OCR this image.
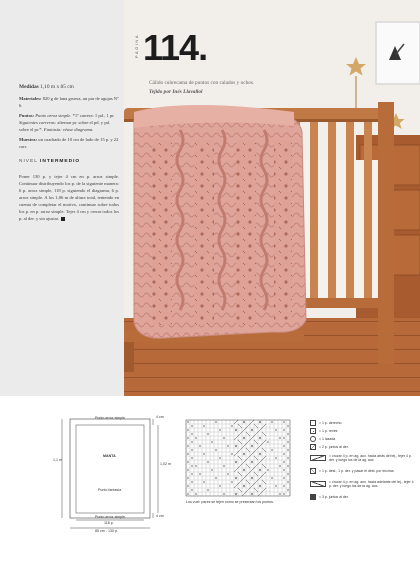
Medidas 1,10 m x 85 cm

Materiales: 820 g de lana gruesa, un par de agujas Nº 6.

Puntos: Punto arroz simple. *1º carrera: 1 pd., 1 pr. Siguientes carreras: alternar pr. sobre el pd. y pd. sobre el pr.*. Fantasía: véase diagrama.

Muestra: un cuadrado de 10 cm de lado de 15 p. y 22 carr.

NIVEL INTERMEDIO

Poner 130 p. y tejer 4 cm en p. arroz simple. Continuar distribuyendo los p. de la siguiente manera: 6 p. arroz simple, 118 p. siguiendo el diagrama, 6 p. arroz simple. A los 1,06 m de altura total, teniendo en cuenta de completar el motivo, continuar sobre todos los p. en p. arroz simple. Tejer 4 cm y cerrar todos los p. al der. y sin ajustar.

PÁGINA 114.
Cálido cubrecama de puntos con calados y ochos.
Tejido por Inés Llavallol
Punto arroz simple	4 cm
1,1 m
1,02 m
MANTA
Punto fantasía
118 p.
Punto arroz simple	4 cm
85 cm - 130 p.
Los vuel. pares se tejen como se presentan los puntos.
= 1 p. derecho
= 1 p. revés
= 1 lazada
= 2 p. juntos al der.
= cruzar 4 p. en ag. aux. hacia atrás del tej., tejer 4 p. der. y luego los de la ag. aux.
= 1 p. desl., 1 p. der. y pasar el desl. por encima
= cruzar 4 p. en ag. aux. hacia adelante del tej., tejer 4 p. der. y luego los de la ag. aux.
= 3 p. juntos al der.
